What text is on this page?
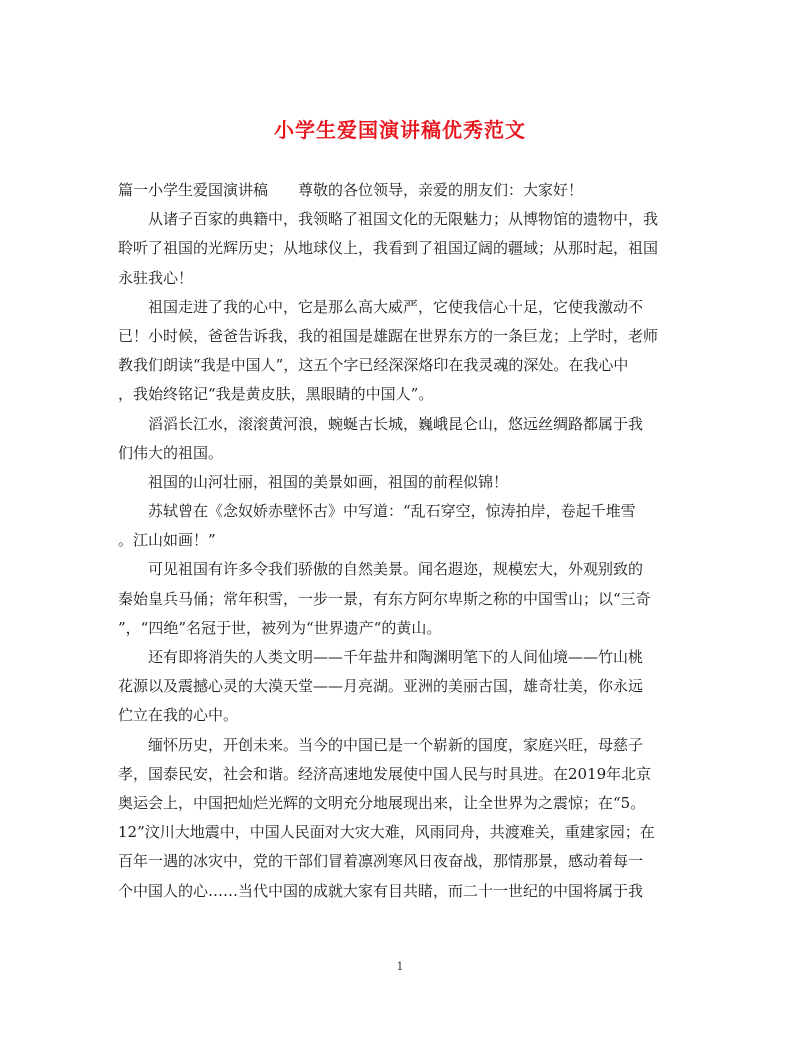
小学生爱国演讲稿优秀范文
篇一小学生爱国演讲稿　　尊敬的各位领导，亲爱的朋友们：大家好！
　　从诸子百家的典籍中，我领略了祖国文化的无限魅力；从博物馆的遗物中，我
聆听了祖国的光辉历史；从地球仪上，我看到了祖国辽阔的疆域；从那时起，祖国
永驻我心！
　　祖国走进了我的心中，它是那么高大威严，它使我信心十足，它使我激动不
已！小时候，爸爸告诉我，我的祖国是雄踞在世界东方的一条巨龙；上学时，老师
教我们朗读“我是中国人”，这五个字已经深深烙印在我灵魂的深处。在我心中
，我始终铭记“我是黄皮肤，黑眼睛的中国人”。
　　滔滔长江水，滚滚黄河浪，蜿蜒古长城，巍峨昆仑山，悠远丝绸路都属于我
们伟大的祖国。
　　祖国的山河壮丽，祖国的美景如画，祖国的前程似锦！
　　苏轼曾在《念奴娇赤壁怀古》中写道：“乱石穿空，惊涛拍岸，卷起千堆雪
。江山如画！”
　　可见祖国有许多令我们骄傲的自然美景。闻名遐迩，规模宏大，外观别致的
秦始皇兵马俑；常年积雪，一步一景，有东方阿尔卑斯之称的中国雪山；以“三奇
”，“四绝”名冠于世，被列为“世界遗产“的黄山。
　　还有即将消失的人类文明——千年盐井和陶渊明笔下的人间仙境——竹山桃
花源以及震撼心灵的大漠天堂——月亮湖。亚洲的美丽古国，雄奇壮美，你永远
伫立在我的心中。
　　缅怀历史，开创未来。当今的中国已是一个崭新的国度，家庭兴旺，母慈子
孝，国泰民安，社会和谐。经济高速地发展使中国人民与时具进。在2019年北京
奥运会上，中国把灿烂光辉的文明充分地展现出来，让全世界为之震惊；在“5。
12”汶川大地震中，中国人民面对大灾大难，风雨同舟，共渡难关，重建家园；在
百年一遇的冰灾中，党的干部们冒着凛冽寒风日夜奋战，那情那景，感动着每一
个中国人的心……当代中国的成就大家有目共睹，而二十一世纪的中国将属于我
1
